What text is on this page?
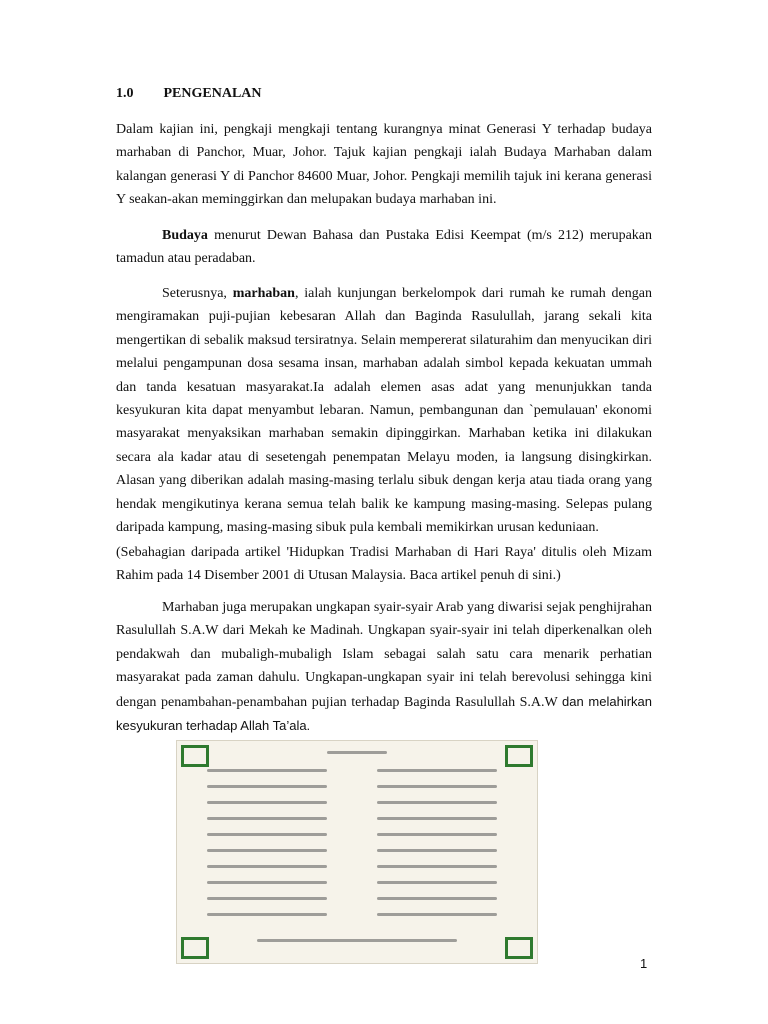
1.0 PENGENALAN

Dalam kajian ini, pengkaji mengkaji tentang kurangnya minat Generasi Y terhadap budaya marhaban di Panchor, Muar, Johor. Tajuk kajian pengkaji ialah Budaya Marhaban dalam kalangan generasi Y di Panchor 84600 Muar, Johor. Pengkaji memilih tajuk ini kerana generasi Y seakan-akan meminggirkan dan melupakan budaya marhaban ini.

Budaya menurut Dewan Bahasa dan Pustaka Edisi Keempat (m/s 212) merupakan tamadun atau peradaban.

Seterusnya, marhaban, ialah kunjungan berkelompok dari rumah ke rumah dengan mengiramakan puji-pujian kebesaran Allah dan Baginda Rasulullah, jarang sekali kita mengertikan di sebalik maksud tersiratnya. Selain mempererat silaturahim dan menyucikan diri melalui pengampunan dosa sesama insan, marhaban adalah simbol kepada kekuatan ummah dan tanda kesatuan masyarakat.Ia adalah elemen asas adat yang menunjukkan tanda kesyukuran kita dapat menyambut lebaran. Namun, pembangunan dan `pemulauan' ekonomi masyarakat menyaksikan marhaban semakin dipinggirkan. Marhaban ketika ini dilakukan secara ala kadar atau di sesetengah penempatan Melayu moden, ia langsung disingkirkan. Alasan yang diberikan adalah masing-masing terlalu sibuk dengan kerja atau tiada orang yang hendak mengikutinya kerana semua telah balik ke kampung masing-masing. Selepas pulang daripada kampung, masing-masing sibuk pula kembali memikirkan urusan keduniaan.

(Sebahagian daripada artikel 'Hidupkan Tradisi Marhaban di Hari Raya' ditulis oleh Mizam Rahim pada 14 Disember 2001 di Utusan Malaysia. Baca artikel penuh di sini.)

Marhaban juga merupakan ungkapan syair-syair Arab yang diwarisi sejak penghijrahan Rasulullah S.A.W dari Mekah ke Madinah. Ungkapan syair-syair ini telah diperkenalkan oleh pendakwah dan mubaligh-mubaligh Islam sebagai salah satu cara menarik perhatian masyarakat pada zaman dahulu. Ungkapan-ungkapan syair ini telah berevolusi sehingga kini dengan penambahan-penambahan pujian terhadap Baginda Rasulullah S.A.W dan melahirkan kesyukuran terhadap Allah Ta’ala.

1
